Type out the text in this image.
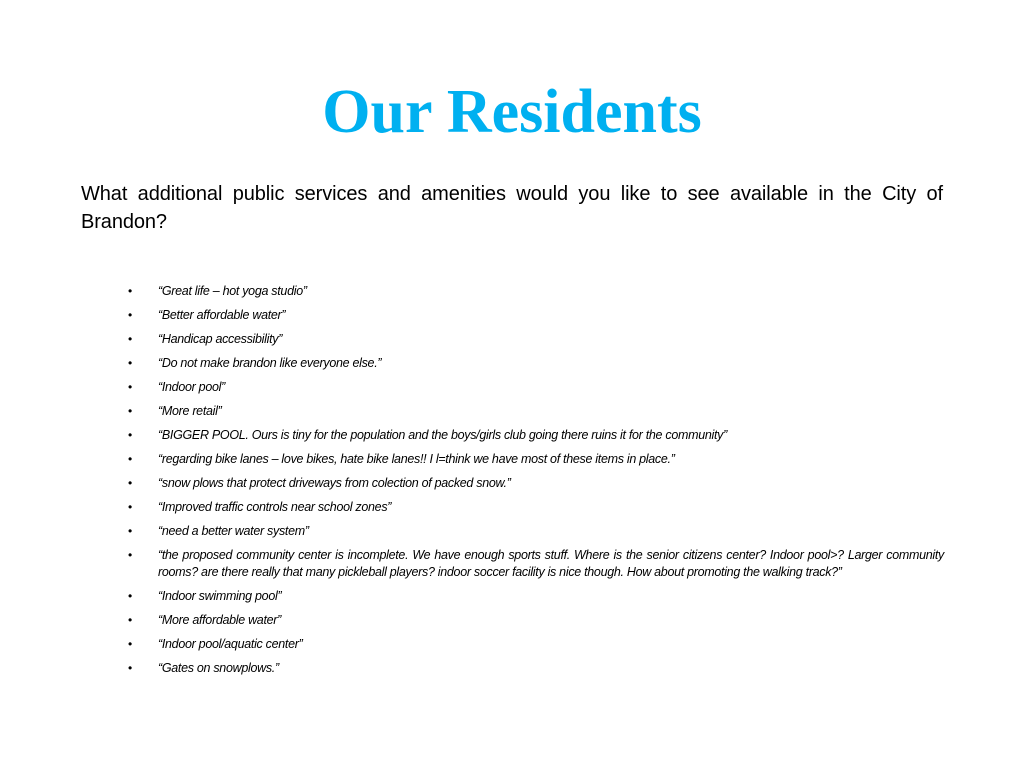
Our Residents

What additional public services and amenities would you like to see available in the City of Brandon?

•	“Great life – hot yoga studio”
•	“Better affordable water”
•	“Handicap accessibility”
•	“Do not make brandon like everyone else.”
•	“Indoor pool”
•	“More retail”
•	“BIGGER POOL. Ours is tiny for the population and the boys/girls club going there ruins it for the community”
•	“regarding bike lanes – love bikes, hate bike lanes!! I l=think we have most of these items in place.”
•	“snow plows that protect driveways from colection of packed snow.”
•	“Improved traffic controls near school zones”
•	“need a better water system”
•	“the proposed community center is incomplete. We have enough sports stuff. Where is the senior citizens center? Indoor pool>? Larger community rooms? are there really that many pickleball players? indoor soccer facility is nice though. How about promoting the walking track?”
•	“Indoor swimming pool”
•	“More affordable water”
•	“Indoor pool/aquatic center”
•	“Gates on snowplows.”
